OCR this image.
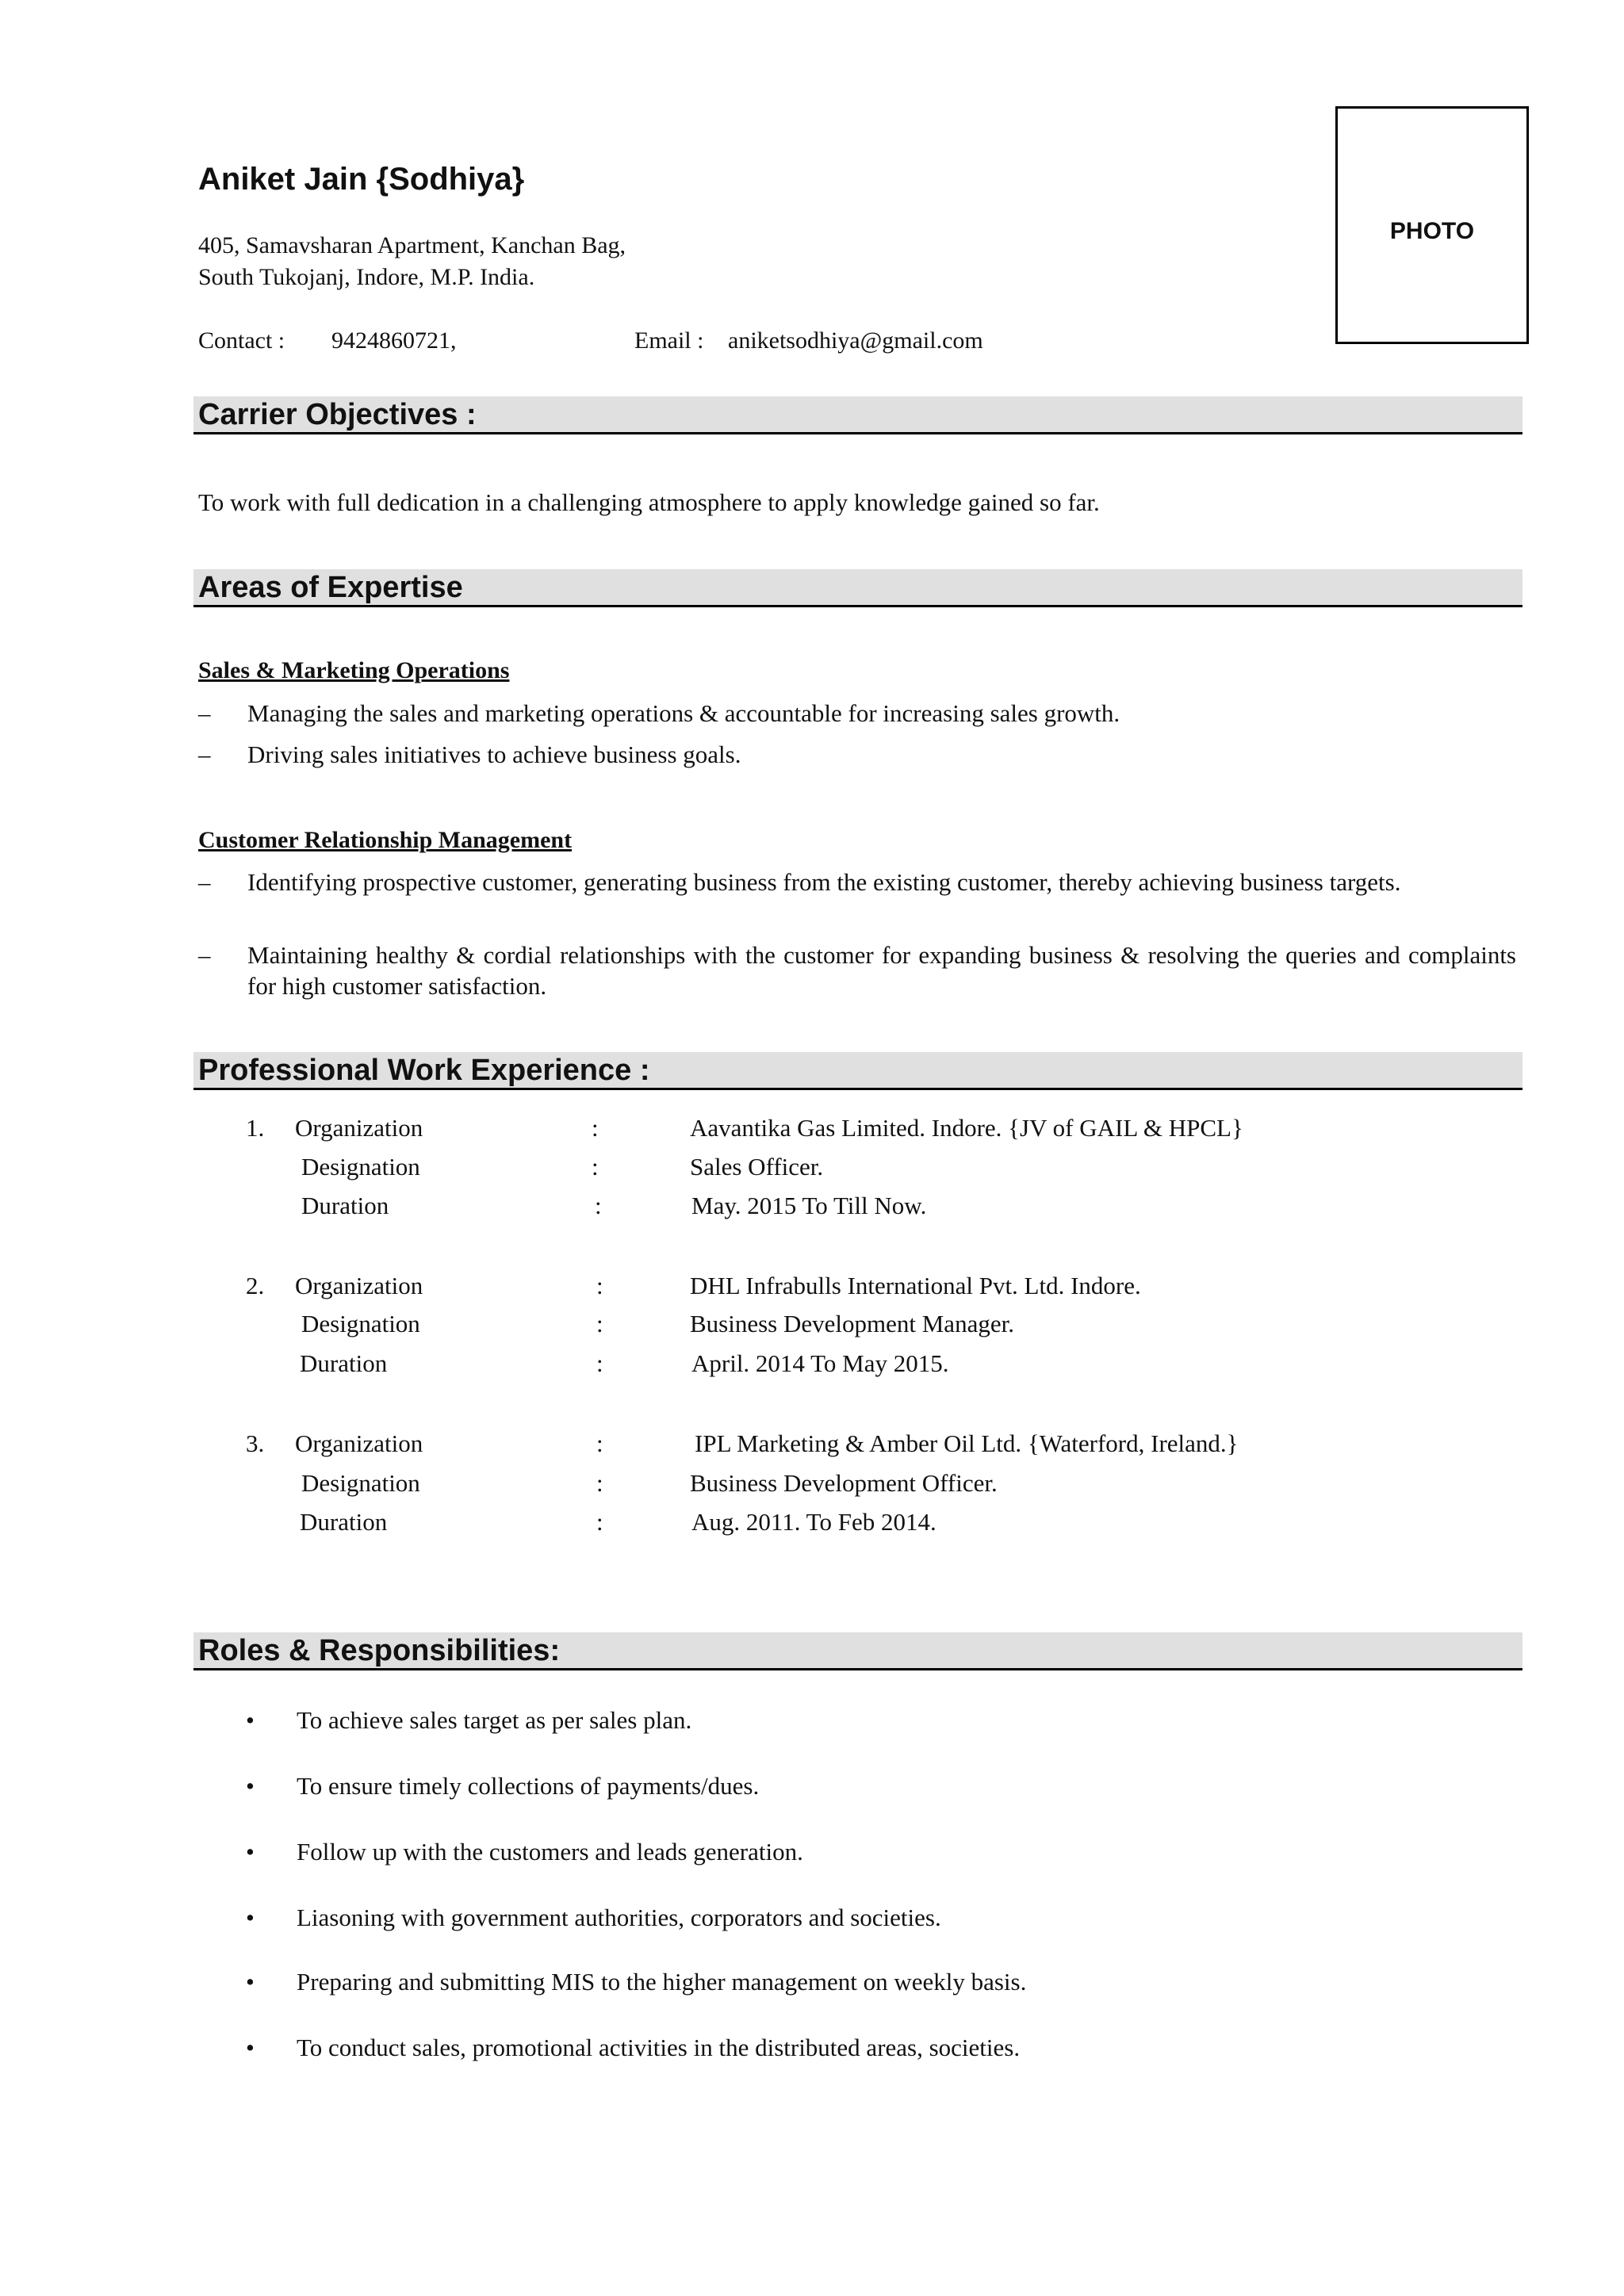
Aniket Jain {Sodhiya}

405, Samavsharan Apartment, Kanchan Bag,

South Tukojanj, Indore, M.P. India.

Contact : 9424860721,	Email : aniketsodhiya@gmail.com
PHOTO
Carrier Objectives :

To work with full dedication in a challenging atmosphere to apply knowledge gained so far.

Areas of Expertise

Sales & Marketing Operations

– Managing the sales and marketing operations & accountable for increasing sales growth.
– Driving sales initiatives to achieve business goals.

Customer Relationship Management

– Identifying prospective customer, generating business from the existing customer, thereby achieving business targets.
– Maintaining healthy & cordial relationships with the customer for expanding business & resolving the queries and complaints for high customer satisfaction.
Professional Work Experience :
1. Organization	:	Aavantika Gas Limited. Indore. {JV of GAIL & HPCL}
Designation	:	Sales Officer.
Duration	:	May. 2015 To Till Now.
2. Organization	:	DHL Infrabulls International Pvt. Ltd. Indore.
Designation	:	Business Development Manager.
Duration	:	April. 2014 To May 2015.
3. Organization	:	IPL Marketing & Amber Oil Ltd. {Waterford, Ireland.}
Designation	:	Business Development Officer.
Duration	:	Aug. 2011. To Feb 2014.
Roles & Responsibilities:
• To achieve sales target as per sales plan.
• To ensure timely collections of payments/dues.
• Follow up with the customers and leads generation.
• Liasoning with government authorities, corporators and societies.
• Preparing and submitting MIS to the higher management on weekly basis.
• To conduct sales, promotional activities in the distributed areas, societies.
